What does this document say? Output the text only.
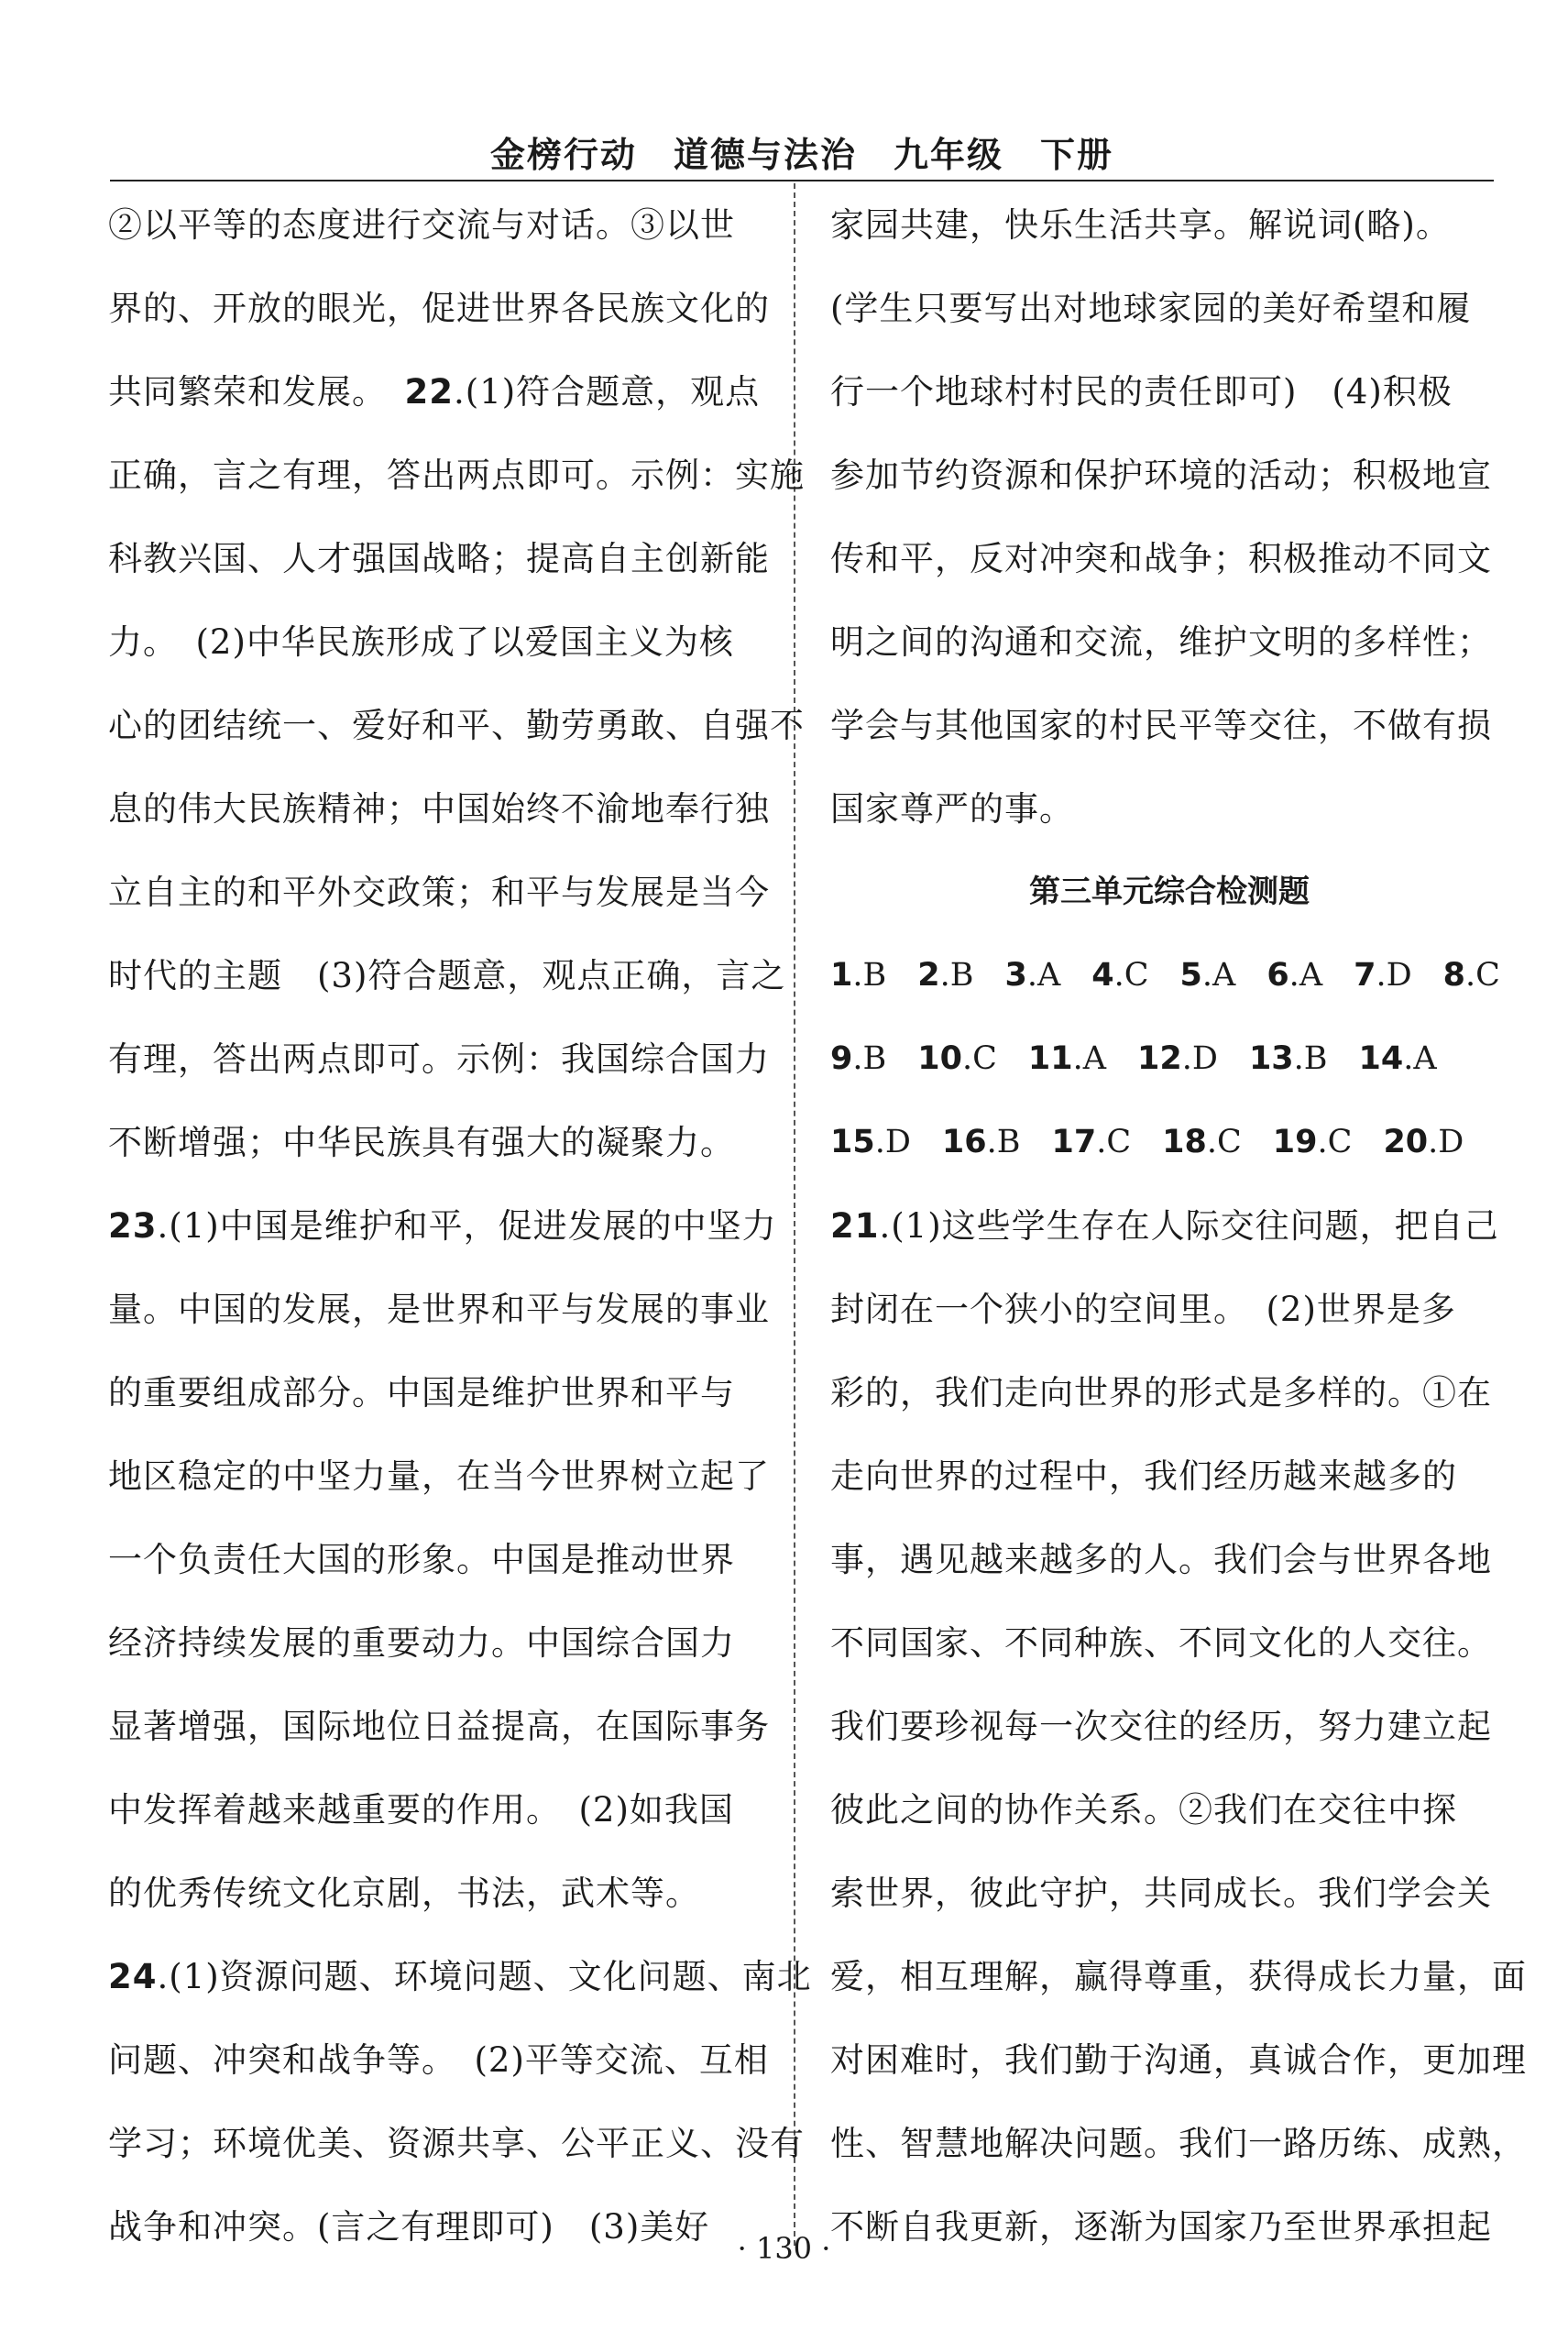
金榜行动　道德与法治　九年级　下册
②以平等的态度进行交流与对话。③以世
界的、开放的眼光，促进世界各民族文化的
共同繁荣和发展。　22.(1)符合题意，观点
正确，言之有理，答出两点即可。示例：实施
科教兴国、人才强国战略；提高自主创新能
力。　(2)中华民族形成了以爱国主义为核
心的团结统一、爱好和平、勤劳勇敢、自强不
息的伟大民族精神；中国始终不渝地奉行独
立自主的和平外交政策；和平与发展是当今
时代的主题　(3)符合题意，观点正确，言之
有理，答出两点即可。示例：我国综合国力
不断增强；中华民族具有强大的凝聚力。
23.(1)中国是维护和平，促进发展的中坚力
量。中国的发展，是世界和平与发展的事业
的重要组成部分。中国是维护世界和平与
地区稳定的中坚力量，在当今世界树立起了
一个负责任大国的形象。中国是推动世界
经济持续发展的重要动力。中国综合国力
显著增强，国际地位日益提高，在国际事务
中发挥着越来越重要的作用。　(2)如我国
的优秀传统文化京剧，书法，武术等。
24.(1)资源问题、环境问题、文化问题、南北
问题、冲突和战争等。　(2)平等交流、互相
学习；环境优美、资源共享、公平正义、没有
战争和冲突。(言之有理即可)　(3)美好
家园共建，快乐生活共享。解说词(略)。
(学生只要写出对地球家园的美好希望和履
行一个地球村村民的责任即可)　(4)积极
参加节约资源和保护环境的活动；积极地宣
传和平，反对冲突和战争；积极推动不同文
明之间的沟通和交流，维护文明的多样性；
学会与其他国家的村民平等交往，不做有损
国家尊严的事。
第三单元综合检测题
1.B 2.B 3.A 4.C 5.A 6.A 7.D 8.C
9.B 10.C 11.A 12.D 13.B 14.A
15.D 16.B 17.C 18.C 19.C 20.D
21.(1)这些学生存在人际交往问题，把自己
封闭在一个狭小的空间里。　(2)世界是多
彩的，我们走向世界的形式是多样的。①在
走向世界的过程中，我们经历越来越多的
事，遇见越来越多的人。我们会与世界各地
不同国家、不同种族、不同文化的人交往。
我们要珍视每一次交往的经历，努力建立起
彼此之间的协作关系。②我们在交往中探
索世界，彼此守护，共同成长。我们学会关
爱，相互理解，赢得尊重，获得成长力量，面
对困难时，我们勤于沟通，真诚合作，更加理
性、智慧地解决问题。我们一路历练、成熟，
不断自我更新，逐渐为国家乃至世界承担起
· 130 ·
